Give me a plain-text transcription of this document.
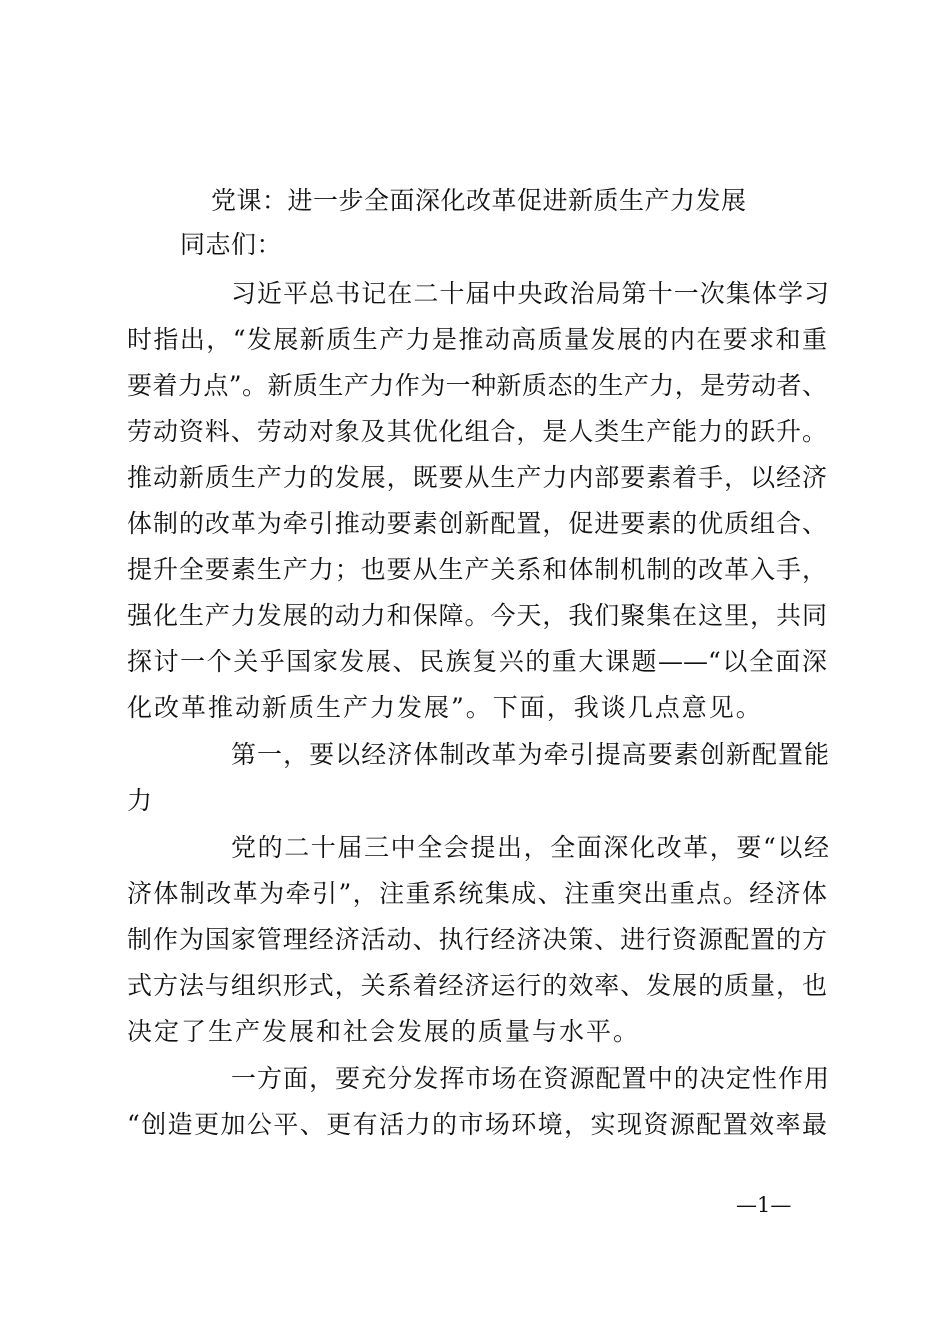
党课：进一步全面深化改革促进新质生产力发展
同志们：
习近平总书记在二十届中央政治局第十一次集体学习
时指出，“发展新质生产力是推动高质量发展的内在要求和重
要着力点”。新质生产力作为一种新质态的生产力，是劳动者、
劳动资料、劳动对象及其优化组合，是人类生产能力的跃升。
推动新质生产力的发展，既要从生产力内部要素着手，以经济
体制的改革为牵引推动要素创新配置，促进要素的优质组合、
提升全要素生产力；也要从生产关系和体制机制的改革入手，
强化生产力发展的动力和保障。今天，我们聚集在这里，共同
探讨一个关乎国家发展、民族复兴的重大课题——“以全面深
化改革推动新质生产力发展”。下面，我谈几点意见。
第一，要以经济体制改革为牵引提高要素创新配置能
力
党的二十届三中全会提出，全面深化改革，要“以经
济体制改革为牵引”，注重系统集成、注重突出重点。经济体
制作为国家管理经济活动、执行经济决策、进行资源配置的方
式方法与组织形式，关系着经济运行的效率、发展的质量，也
决定了生产发展和社会发展的质量与水平。
一方面，要充分发挥市场在资源配置中的决定性作用
“创造更加公平、更有活力的市场环境，实现资源配置效率最
—1—
